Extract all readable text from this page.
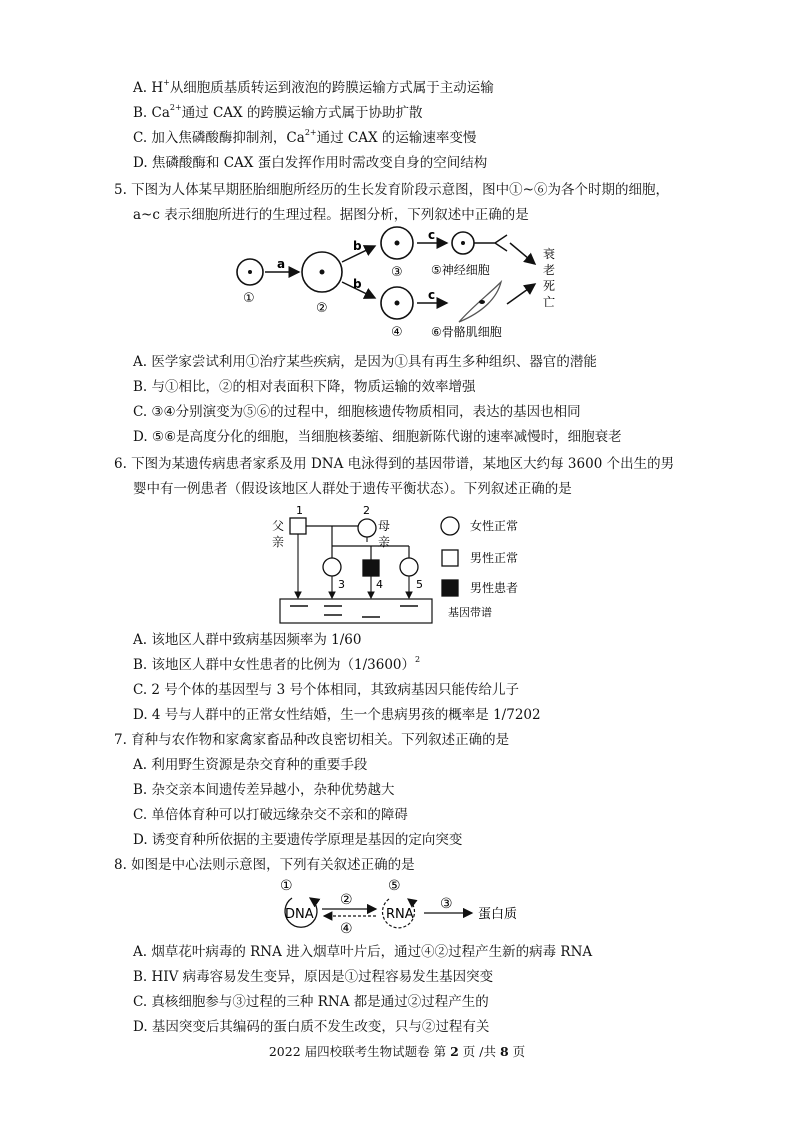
A. H+从细胞质基质转运到液泡的跨膜运输方式属于主动运输
B. $Ca^{2+}$通过 CAX 的跨膜运输方式属于协助扩散
C. 加入焦磷酸酶抑制剂，$Ca^{2+}$通过 CAX 的运输速率变慢
D. 焦磷酸酶和 CAX 蛋白发挥作用时需改变自身的空间结构
5. 下图为人体某早期胚胎细胞所经历的生长发育阶段示意图，图中①~⑥为各个时期的细胞，
a~c 表示细胞所进行的生理过程。据图分析，下列叙述中正确的是
①
a
②
b
b
③
④
c
c
⑤神经细胞
⑥骨骼肌细胞
衰
老
死
亡
A. 医学家尝试利用①治疗某些疾病，是因为①具有再生多种组织、器官的潜能
B. 与①相比，②的相对表面积下降，物质运输的效率增强
C. ③④分别演变为⑤⑥的过程中，细胞核遗传物质相同，表达的基因也相同
D. ⑤⑥是高度分化的细胞，当细胞核萎缩、细胞新陈代谢的速率减慢时，细胞衰老
6. 下图为某遗传病患者家系及用 DNA 电泳得到的基因带谱，某地区大约每 3600 个出生的男
婴中有一例患者（假设该地区人群处于遗传平衡状态）。下列叙述正确的是
1	2
父
亲
母
亲
3	4	5
女性正常
男性正常
男性患者
基因带谱
A. 该地区人群中致病基因频率为 1/60
B. 该地区人群中女性患者的比例为$(1/3600)^2$
C. 2 号个体的基因型与 3 号个体相同，其致病基因只能传给儿子
D. 4 号与人群中的正常女性结婚，生一个患病男孩的概率是 1/7202
7. 育种与农作物和家禽家畜品种改良密切相关。下列叙述正确的是
A. 利用野生资源是杂交育种的重要手段
B. 杂交亲本间遗传差异越小，杂种优势越大
C. 单倍体育种可以打破远缘杂交不亲和的障碍
D. 诱变育种所依据的主要遗传学原理是基因的定向突变
8. 如图是中心法则示意图，下列有关叙述正确的是
①
DNA
②
④
⑤
RNA
③
蛋白质
A. 烟草花叶病毒的 RNA 进入烟草叶片后，通过④②过程产生新的病毒 RNA
B. HIV 病毒容易发生变异，原因是①过程容易发生基因突变
C. 真核细胞参与③过程的三种 RNA 都是通过②过程产生的
D. 基因突变后其编码的蛋白质不发生改变，只与②过程有关
2022 届四校联考生物试题卷 第 2 页 /共 8 页
